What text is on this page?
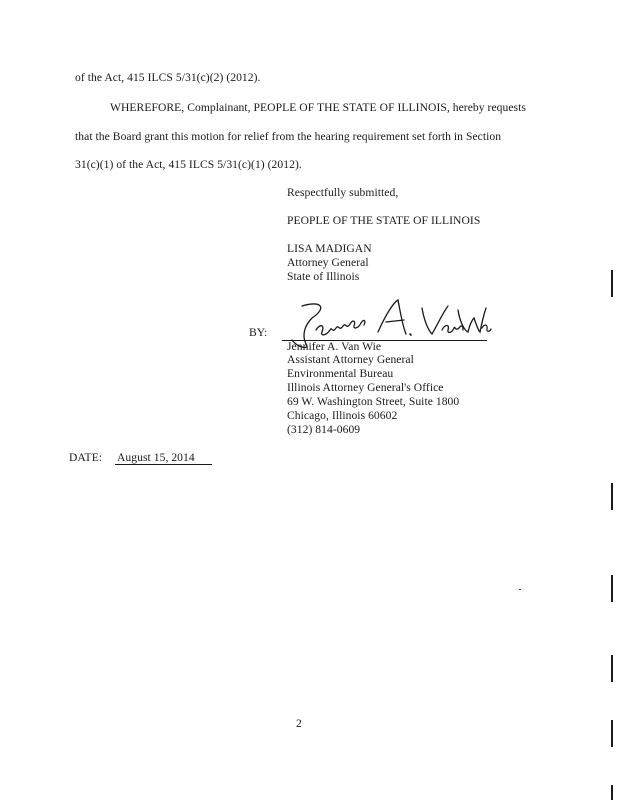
of the Act, 415 ILCS 5/31(c)(2) (2012).
WHEREFORE, Complainant, PEOPLE OF THE STATE OF ILLINOIS, hereby requests
that the Board grant this motion for relief from the hearing requirement set forth in Section
31(c)(1) of the Act, 415 ILCS 5/31(c)(1) (2012).
Respectfully submitted,
PEOPLE OF THE STATE OF ILLINOIS
LISA MADIGAN
Attorney General
State of Illinois
BY:
Jennifer A. Van Wie
Assistant Attorney General
Environmental Bureau
Illinois Attorney General's Office
69 W. Washington Street, Suite 1800
Chicago, Illinois 60602
(312) 814-0609
DATE: August 15, 2014
2
